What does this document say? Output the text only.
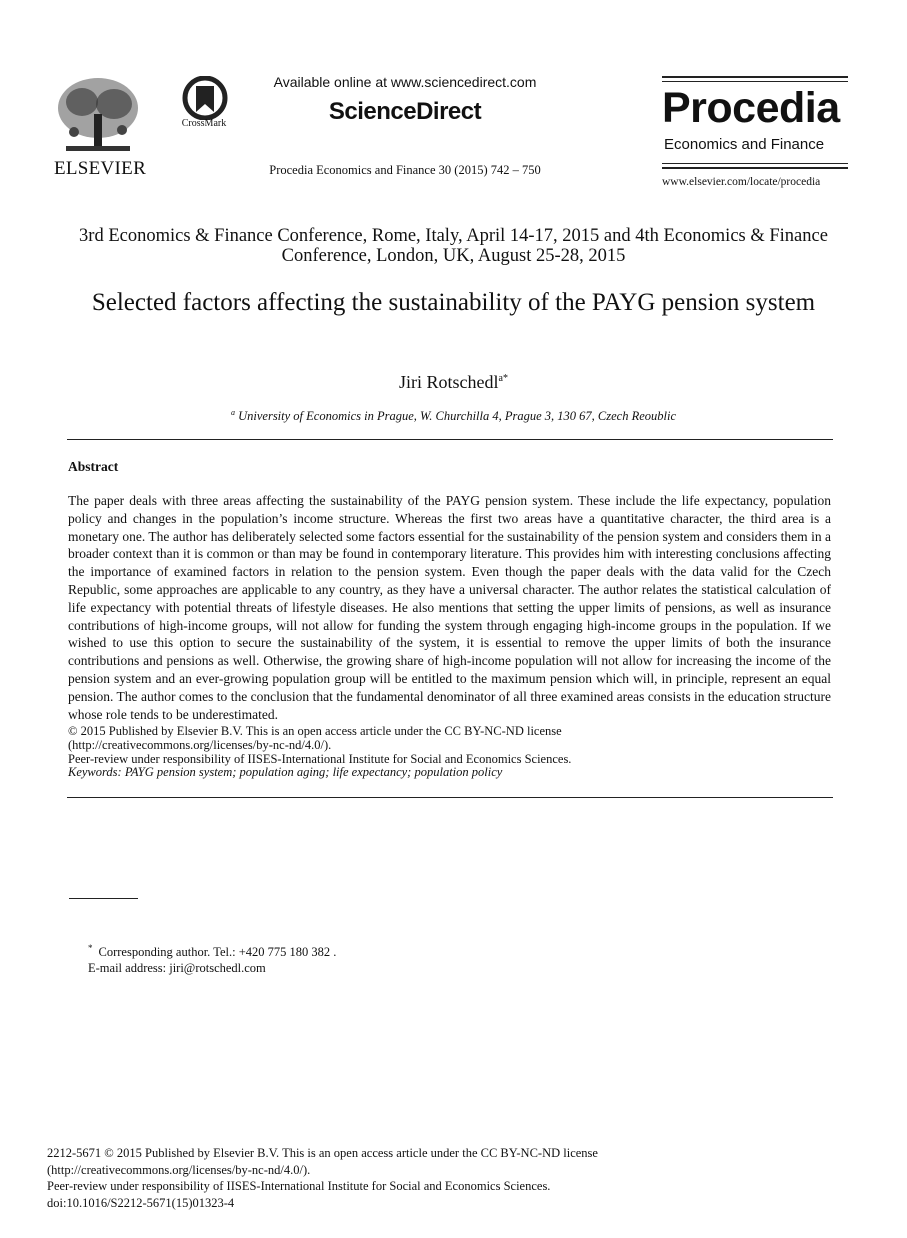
ELSEVIER
CrossMark
Available online at www.sciencedirect.com
ScienceDirect
Procedia Economics and Finance 30 (2015) 742 – 750
Procedia
Economics and Finance
www.elsevier.com/locate/procedia
3rd Economics & Finance Conference, Rome, Italy, April 14-17, 2015 and 4th Economics & Finance Conference, London, UK, August 25-28, 2015
Selected factors affecting the sustainability of the PAYG pension system
Jiri Rotschedl$^{a*}$
$^a$ University of Economics in Prague, W. Churchilla 4, Prague 3, 130 67, Czech Reoublic
Abstract
The paper deals with three areas affecting the sustainability of the PAYG pension system. These include the life expectancy, population policy and changes in the population’s income structure. Whereas the first two areas have a quantitative character, the third area is a monetary one. The author has deliberately selected some factors essential for the sustainability of the pension system and considers them in a broader context than it is common or than may be found in contemporary literature. This provides him with interesting conclusions affecting the importance of examined factors in relation to the pension system. Even though the paper deals with the data valid for the Czech Republic, some approaches are applicable to any country, as they have a universal character. The author relates the statistical calculation of life expectancy with potential threats of lifestyle diseases. He also mentions that setting the upper limits of pensions, as well as insurance contributions of high-income groups, will not allow for funding the system through engaging high-income groups in the population. If we wished to use this option to secure the sustainability of the system, it is essential to remove the upper limits of both the insurance contributions and pensions as well. Otherwise, the growing share of high-income population will not allow for increasing the income of the pension system and an ever-growing population group will be entitled to the maximum pension which will, in principle, represent an equal pension. The author comes to the conclusion that the fundamental denominator of all three examined areas consists in the education structure whose role tends to be underestimated.
© 2015 Published by Elsevier B.V. This is an open access article under the CC BY-NC-ND license
(http://creativecommons.org/licenses/by-nc-nd/4.0/).
Peer-review under responsibility of IISES-International Institute for Social and Economics Sciences.
Keywords: PAYG pension system; population aging; life expectancy; population policy
* Corresponding author. Tel.: +420 775 180 382 .
E-mail address: jiri@rotschedl.com
2212-5671 © 2015 Published by Elsevier B.V. This is an open access article under the CC BY-NC-ND license
(http://creativecommons.org/licenses/by-nc-nd/4.0/).
Peer-review under responsibility of IISES-International Institute for Social and Economics Sciences.
doi:10.1016/S2212-5671(15)01323-4
